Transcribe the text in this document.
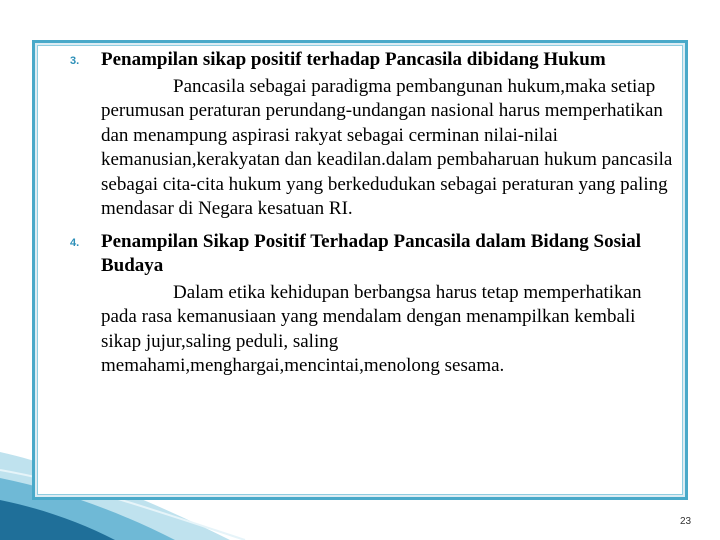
3. Penampilan sikap positif terhadap Pancasila dibidang Hukum

Pancasila sebagai paradigma pembangunan hukum,maka setiap perumusan peraturan perundang-undangan nasional harus memperhatikan dan menampung aspirasi rakyat sebagai cerminan nilai-nilai kemanusian,kerakyatan dan keadilan.dalam pembaharuan hukum pancasila sebagai cita-cita hukum yang berkedudukan sebagai peraturan yang paling mendasar di Negara kesatuan RI.

4. Penampilan Sikap Positif Terhadap Pancasila dalam Bidang Sosial Budaya

Dalam etika kehidupan berbangsa harus tetap memperhatikan pada rasa kemanusiaan yang mendalam dengan menampilkan kembali sikap jujur,saling peduli, saling memahami,menghargai,mencintai,menolong sesama.

23
